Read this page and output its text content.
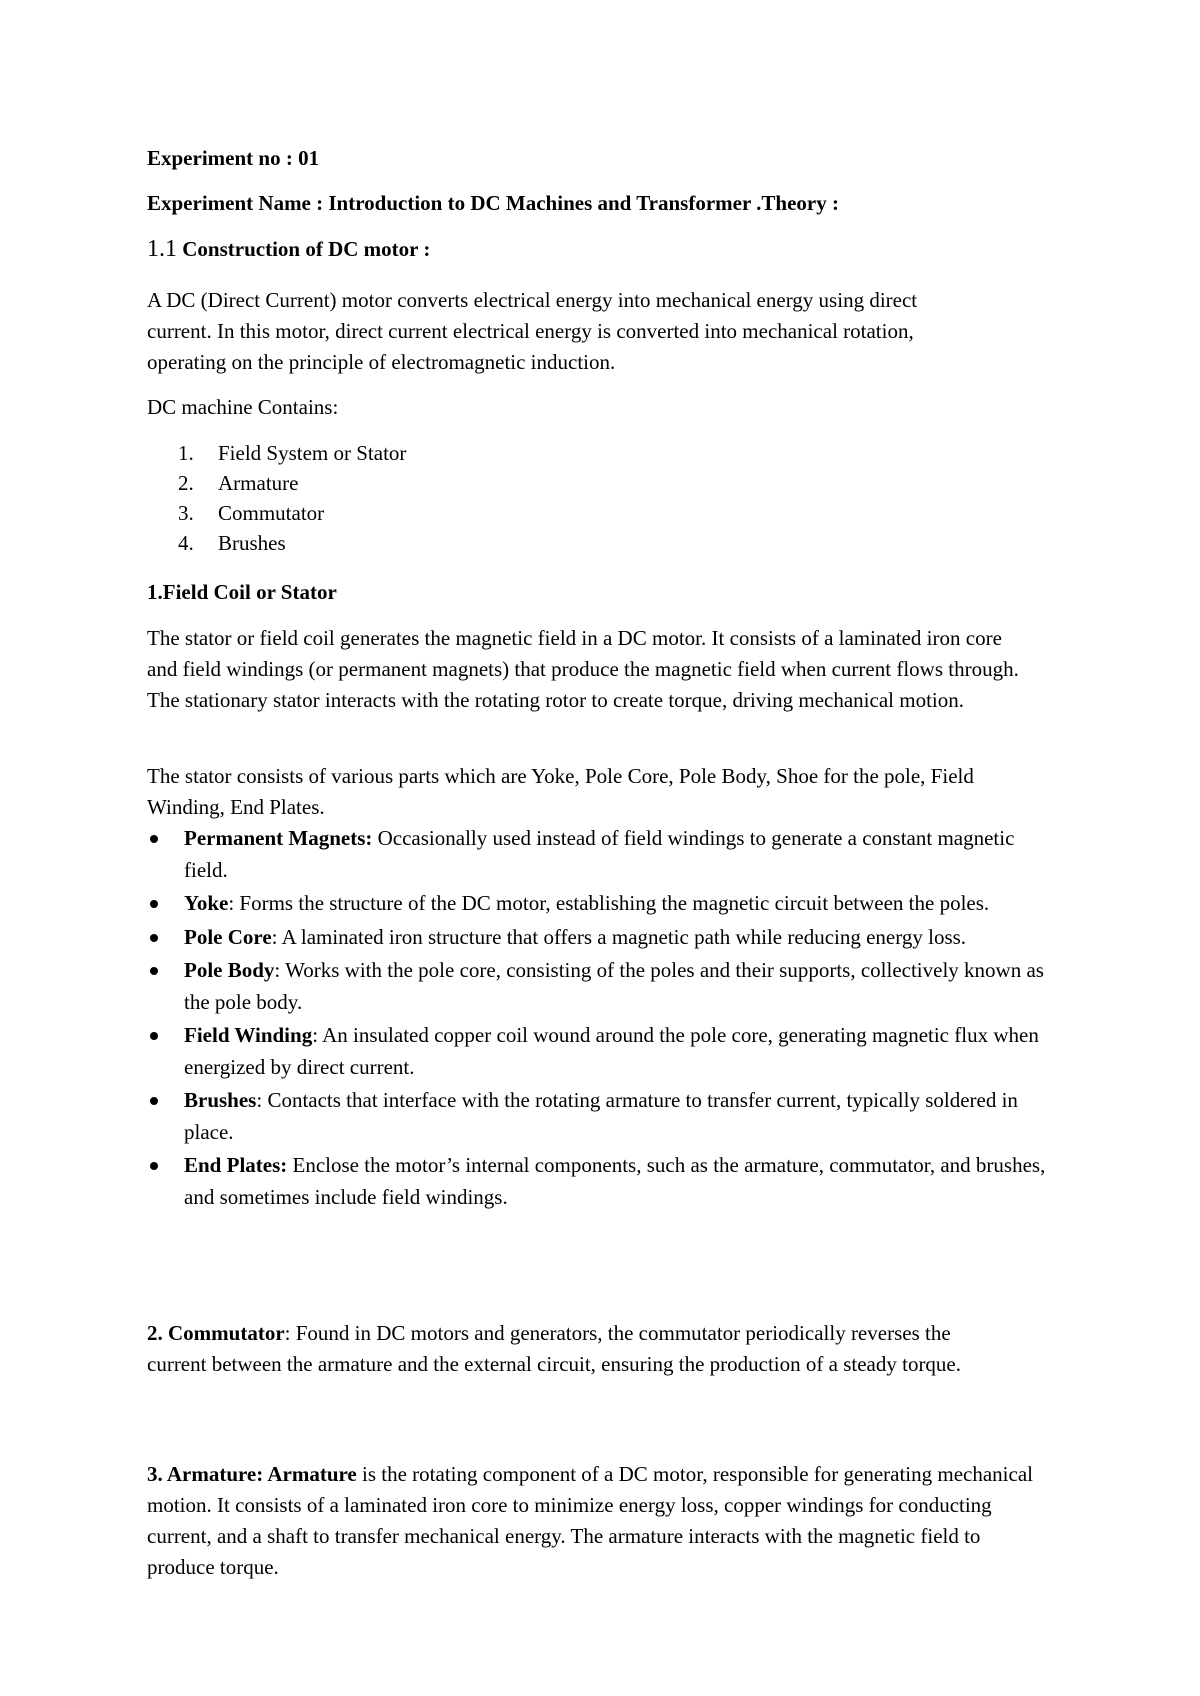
Experiment no : 01

Experiment Name : Introduction to DC Machines and Transformer .Theory :

1.1 Construction of DC motor :

A DC (Direct Current) motor converts electrical energy into mechanical energy using direct current. In this motor, direct current electrical energy is converted into mechanical rotation, operating on the principle of electromagnetic induction.

DC machine Contains:

1. Field System or Stator
2. Armature
3. Commutator
4. Brushes

1.Field Coil or Stator

The stator or field coil generates the magnetic field in a DC motor. It consists of a laminated iron core and field windings (or permanent magnets) that produce the magnetic field when current flows through. The stationary stator interacts with the rotating rotor to create torque, driving mechanical motion.

The stator consists of various parts which are Yoke, Pole Core, Pole Body, Shoe for the pole, Field Winding, End Plates.

Permanent Magnets: Occasionally used instead of field windings to generate a constant magnetic field.
Yoke: Forms the structure of the DC motor, establishing the magnetic circuit between the poles.
Pole Core: A laminated iron structure that offers a magnetic path while reducing energy loss.
Pole Body: Works with the pole core, consisting of the poles and their supports, collectively known as the pole body.
Field Winding: An insulated copper coil wound around the pole core, generating magnetic flux when energized by direct current.
Brushes: Contacts that interface with the rotating armature to transfer current, typically soldered in place.
End Plates: Enclose the motor’s internal components, such as the armature, commutator, and brushes, and sometimes include field windings.

2. Commutator: Found in DC motors and generators, the commutator periodically reverses the current between the armature and the external circuit, ensuring the production of a steady torque.

3. Armature: Armature is the rotating component of a DC motor, responsible for generating mechanical motion. It consists of a laminated iron core to minimize energy loss, copper windings for conducting current, and a shaft to transfer mechanical energy. The armature interacts with the magnetic field to produce torque.
